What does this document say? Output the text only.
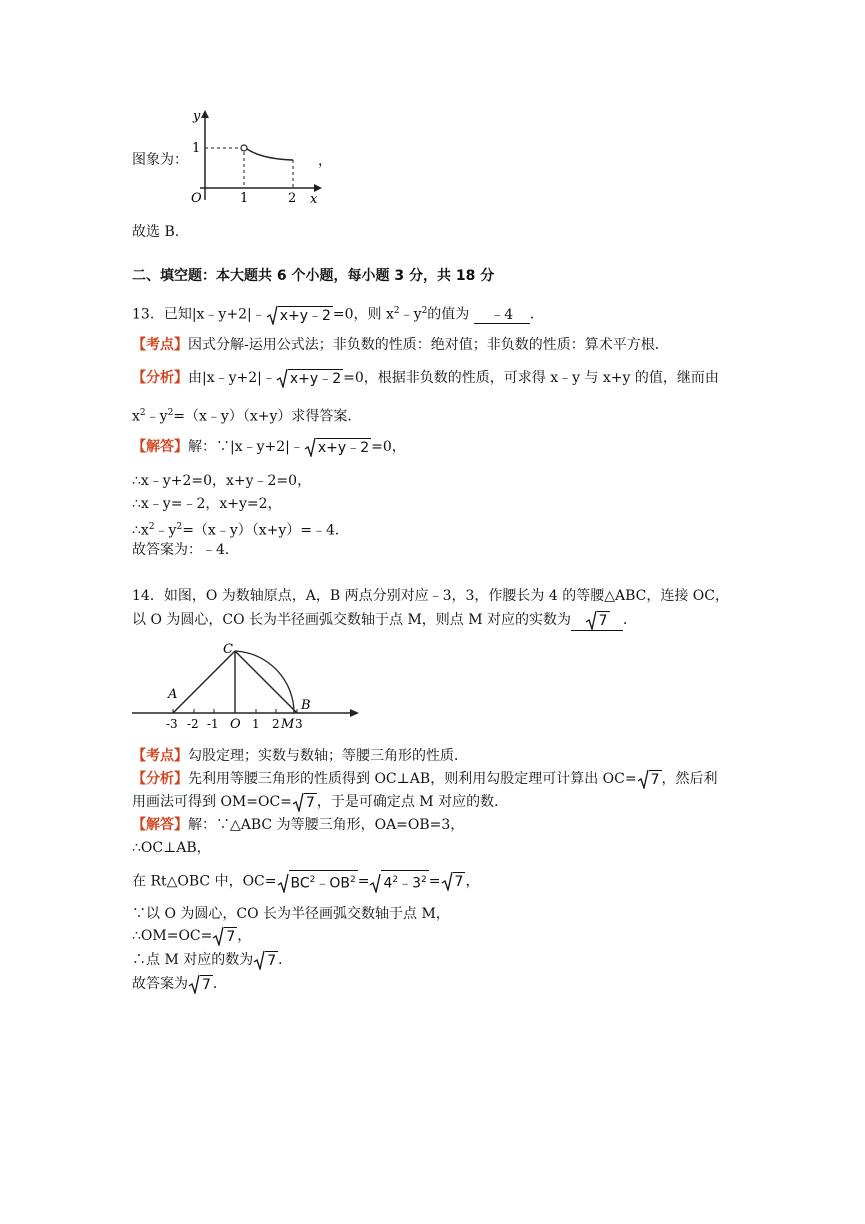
图象为：
y
x
O
1
1	2
，
故选 B.
二、填空题：本大题共 6 个小题，每小题 3 分，共 18 分
13．已知|x﹣y+2|﹣ x+y﹣2 =0，则 $x^2﹣y^2$的值为 ﹣4 ．
【考点】因式分解-运用公式法；非负数的性质：绝对值；非负数的性质：算术平方根．
【分析】由|x﹣y+2|﹣ x+y﹣2 =0，根据非负数的性质，可求得 x﹣y 与 x+y 的值，继而由
$x^2﹣y^2=(x﹣y)(x+y)$求得答案．
【解答】解：∵|x﹣y+2|﹣ x+y﹣2 =0，
∴x﹣y+2=0，x+y﹣2=0，
∴x﹣y=﹣2，x+y=2，
$\therefore x^2﹣y^2=(x﹣y)(x+y)=﹣4$．
故答案为：﹣4．
14．如图，O 为数轴原点，A，B 两点分别对应﹣3，3，作腰长为 4 的等腰△ABC，连接 OC，
以 O 为圆心，CO 长为半径画弧交数轴于点 M，则点 M 对应的实数为 7 ．
C
A
B
O	M
-3 -2 -1	1 2 3
【考点】勾股定理；实数与数轴；等腰三角形的性质．
【分析】先利用等腰三角形的性质得到 OC⊥AB，则利用勾股定理可计算出 OC= 7 ，然后利
用画法可得到 OM=OC= 7 ，于是可确定点 M 对应的数．
【解答】解：∵△ABC 为等腰三角形，OA=OB=3，
∴OC⊥AB，
在 Rt△OBC 中，$OC= BC^2﹣OB^2$ = $4^2﹣3^2 = 7$ ，
∵以 O 为圆心，CO 长为半径画弧交数轴于点 M，
∴OM=OC= 7 ，
∴点 M 对应的数为 7 ．
故答案为 7 ．
